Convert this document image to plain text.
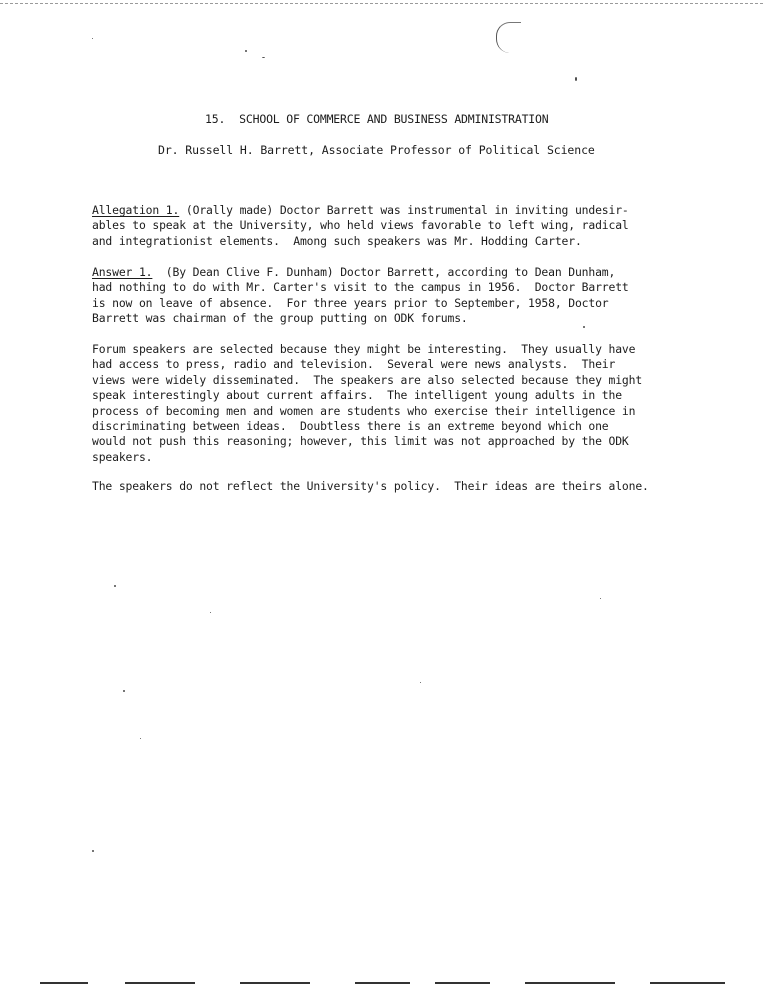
15. SCHOOL OF COMMERCE AND BUSINESS ADMINISTRATION
Dr. Russell H. Barrett, Associate Professor of Political Science
Allegation 1. (Orally made) Doctor Barrett was instrumental in inviting undesir-
ables to speak at the University, who held views favorable to left wing, radical
and integrationist elements.  Among such speakers was Mr. Hodding Carter.
Answer 1.  (By Dean Clive F. Dunham) Doctor Barrett, according to Dean Dunham,
had nothing to do with Mr. Carter's visit to the campus in 1956.  Doctor Barrett
is now on leave of absence.  For three years prior to September, 1958, Doctor
Barrett was chairman of the group putting on ODK forums.
Forum speakers are selected because they might be interesting.  They usually have
had access to press, radio and television.  Several were news analysts.  Their
views were widely disseminated.  The speakers are also selected because they might
speak interestingly about current affairs.  The intelligent young adults in the
process of becoming men and women are students who exercise their intelligence in
discriminating between ideas.  Doubtless there is an extreme beyond which one
would not push this reasoning; however, this limit was not approached by the ODK
speakers.
The speakers do not reflect the University's policy.  Their ideas are theirs alone.
